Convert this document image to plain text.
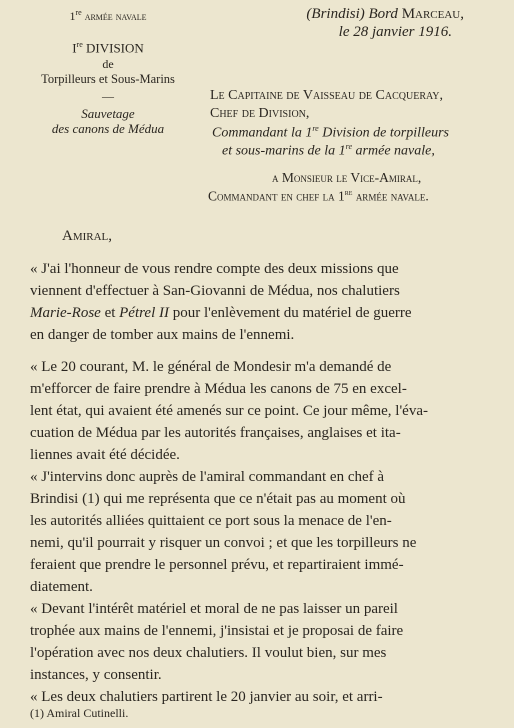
1re armée navale
Ire DIVISION
de
Torpilleurs et Sous-Marins
—
Sauvetage
des canons de Méduа
(Brindisi) Bord Marceau,
le 28 janvier 1916.
Le Capitaine de Vaisseau de Cacqueray,
Chef de Division,
Commandant la 1re Division de torpilleurs
et sous-marins de la 1re armée navale,
a Monsieur le Vice-Amiral,
Commandant en chef la 1re armée navale.
Amiral,
« J'ai l'honneur de vous rendre compte des deux missions que
viennent d'effectuer à San-Giovanni de Médua, nos chalutiers
Marie-Rose et Pétrel II pour l'enlèvement du matériel de guerre
en danger de tomber aux mains de l'ennemi.
« Le 20 courant, M. le général de Mondesir m'a demandé de
m'efforcer de faire prendre à Médua les canons de 75 en excel-
lent état, qui avaient été amenés sur ce point. Ce jour même, l'éva-
cuation de Médua par les autorités françaises, anglaises et ita-
liennes avait été décidée.
« J'intervins donc auprès de l'amiral commandant en chef à
Brindisi (1) qui me représenta que ce n'était pas au moment où
les autorités alliées quittaient ce port sous la menace de l'en-
nemi, qu'il pourrait y risquer un convoi ; et que les torpilleurs ne
feraient que prendre le personnel prévu, et repartiraient immé-
diatement.
« Devant l'intérêt matériel et moral de ne pas laisser un pareil
trophée aux mains de l'ennemi, j'insistai et je proposai de faire
l'opération avec nos deux chalutiers. Il voulut bien, sur mes
instances, y consentir.
« Les deux chalutiers partirent le 20 janvier au soir, et arri-
(1) Amiral Cutinelli.
